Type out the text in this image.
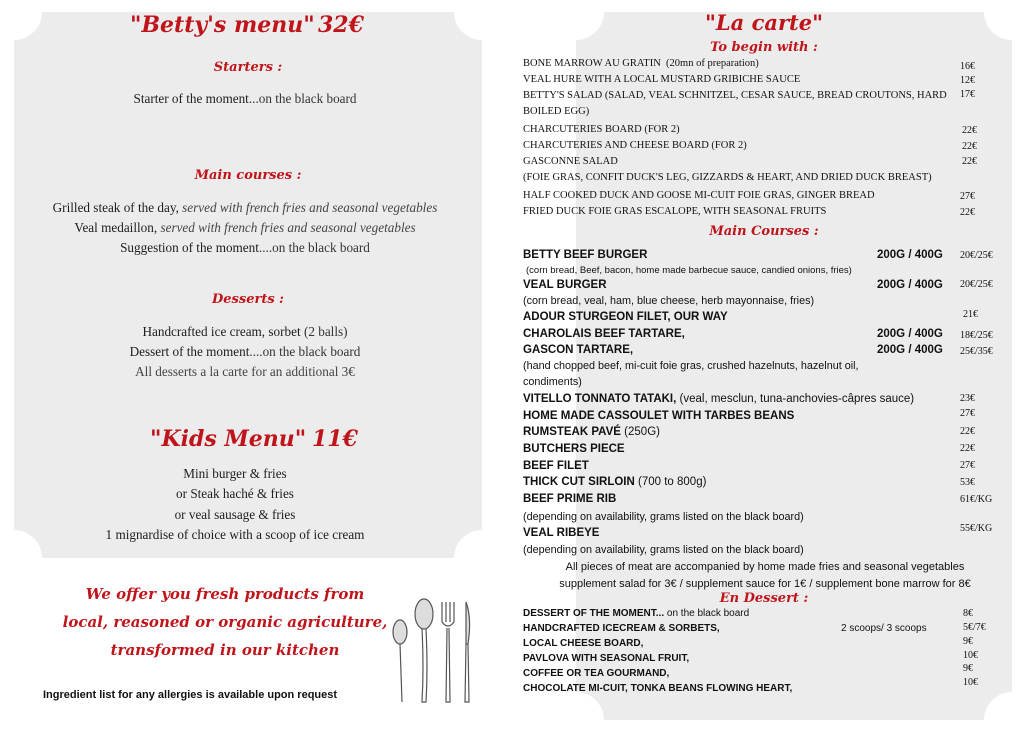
"Betty's menu" 32€
Starters :
Starter of the moment...on the black board
Main courses :
Grilled steak of the day, served with french fries and seasonal vegetables
Veal medaillon, served with french fries and seasonal vegetables
Suggestion of the moment....on the black board
Desserts :
Handcrafted ice cream, sorbet (2 balls)
Dessert of the moment....on the black board
All desserts a la carte for an additional 3€
"Kids Menu" 11€
Mini burger & fries
or Steak haché & fries
or veal sausage & fries
1 mignardise of choice with a scoop of ice cream
We offer you fresh products from
local, reasoned or organic agriculture,
transformed in our kitchen
Ingredient list for any allergies is available upon request
"La carte"
To begin with :
BONE MARROW AU GRATIN (20mn of preparation)	16€
VEAL HURE WITH A LOCAL MUSTARD GRIBICHE SAUCE	12€
BETTY'S SALAD (SALAD, VEAL SCHNITZEL, CESAR SAUCE, BREAD CROUTONS, HARD
BOILED EGG)
17€
CHARCUTERIES BOARD (FOR 2)	22€
CHARCUTERIES AND CHEESE BOARD (FOR 2)	22€
GASCONNE SALAD
(FOIE GRAS, CONFIT DUCK'S LEG, GIZZARDS & HEART, AND DRIED DUCK BREAST)
22€
HALF COOKED DUCK AND GOOSE MI-CUIT FOIE GRAS, GINGER BREAD	27€
FRIED DUCK FOIE GRAS ESCALOPE, WITH SEASONAL FRUITS	22€
Main Courses :
BETTY BEEF BURGER	200G / 400G 20€/25€
(corn bread, Beef, bacon, home made barbecue sauce, candied onions, fries)
VEAL BURGER	200G / 400G 20€/25€
(corn bread, veal, ham, blue cheese, herb mayonnaise, fries)
ADOUR STURGEON FILET, OUR WAY	21€
CHAROLAIS BEEF TARTARE,	200G / 400G 18€/25€
GASCON TARTARE,	200G / 400G 25€/35€
(hand chopped beef, mi-cuit foie gras, crushed hazelnuts, hazelnut oil,
condiments)
VITELLO TONNATO TATAKI, (veal, mesclun, tuna-anchovies-câpres sauce)	23€
HOME MADE CASSOULET WITH TARBES BEANS	27€
RUMSTEAK PAVÉ (250G)	22€
BUTCHERS PIECE	22€
BEEF FILET	27€
THICK CUT SIRLOIN (700 to 800g)	53€
BEEF PRIME RIB	61€/KG
(depending on availability, grams listed on the black board)
VEAL RIBEYE	55€/KG
(depending on availability, grams listed on the black board)
All pieces of meat are accompanied by home made fries and seasonal vegetables
supplement salad for 3€ / supplement sauce for 1€ / supplement bone marrow for 8€
En Dessert :
DESSERT OF THE MOMENT... on the black board	8€
HANDCRAFTED ICECREAM & SORBETS,	2 scoops/ 3 scoops	5€/7€
LOCAL CHEESE BOARD,	9€
PAVLOVA WITH SEASONAL FRUIT,	10€
COFFEE OR TEA GOURMAND,	9€
CHOCOLATE MI-CUIT, TONKA BEANS FLOWING HEART,
10€
